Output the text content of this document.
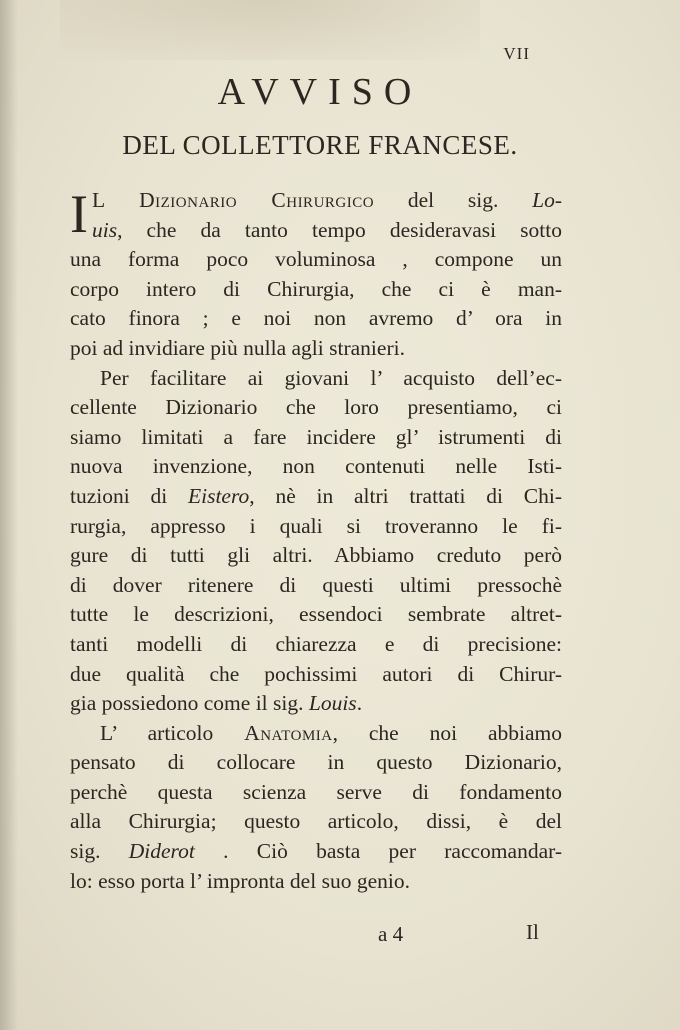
VII
AVVISO
DEL COLLETTORE FRANCESE.
I L Dizionario Chirurgico del sig. Lo-
uis, che da tanto tempo desideravasi sotto
una forma poco voluminosa , compone un
corpo intero di Chirurgia, che ci è man-
cato finora ; e noi non avremo d’ ora in
poi ad invidiare più nulla agli stranieri.
Per facilitare ai giovani l’ acquisto dell’ec-
cellente Dizionario che loro presentiamo, ci
siamo limitati a fare incidere gl’ istrumenti di
nuova invenzione, non contenuti nelle Isti-
tuzioni di Eistero, nè in altri trattati di Chi-
rurgia, appresso i quali si troveranno le fi-
gure di tutti gli altri. Abbiamo creduto però
di dover ritenere di questi ultimi pressochè
tutte le descrizioni, essendoci sembrate altret-
tanti modelli di chiarezza e di precisione:
due qualità che pochissimi autori di Chirur-
gia possiedono come il sig. Louis.
L’ articolo Anatomia, che noi abbiamo
pensato di collocare in questo Dizionario,
perchè questa scienza serve di fondamento
alla Chirurgia; questo articolo, dissi, è del
sig. Diderot . Ciò basta per raccomandar-
lo: esso porta l’ impronta del suo genio.
a 4	Il
